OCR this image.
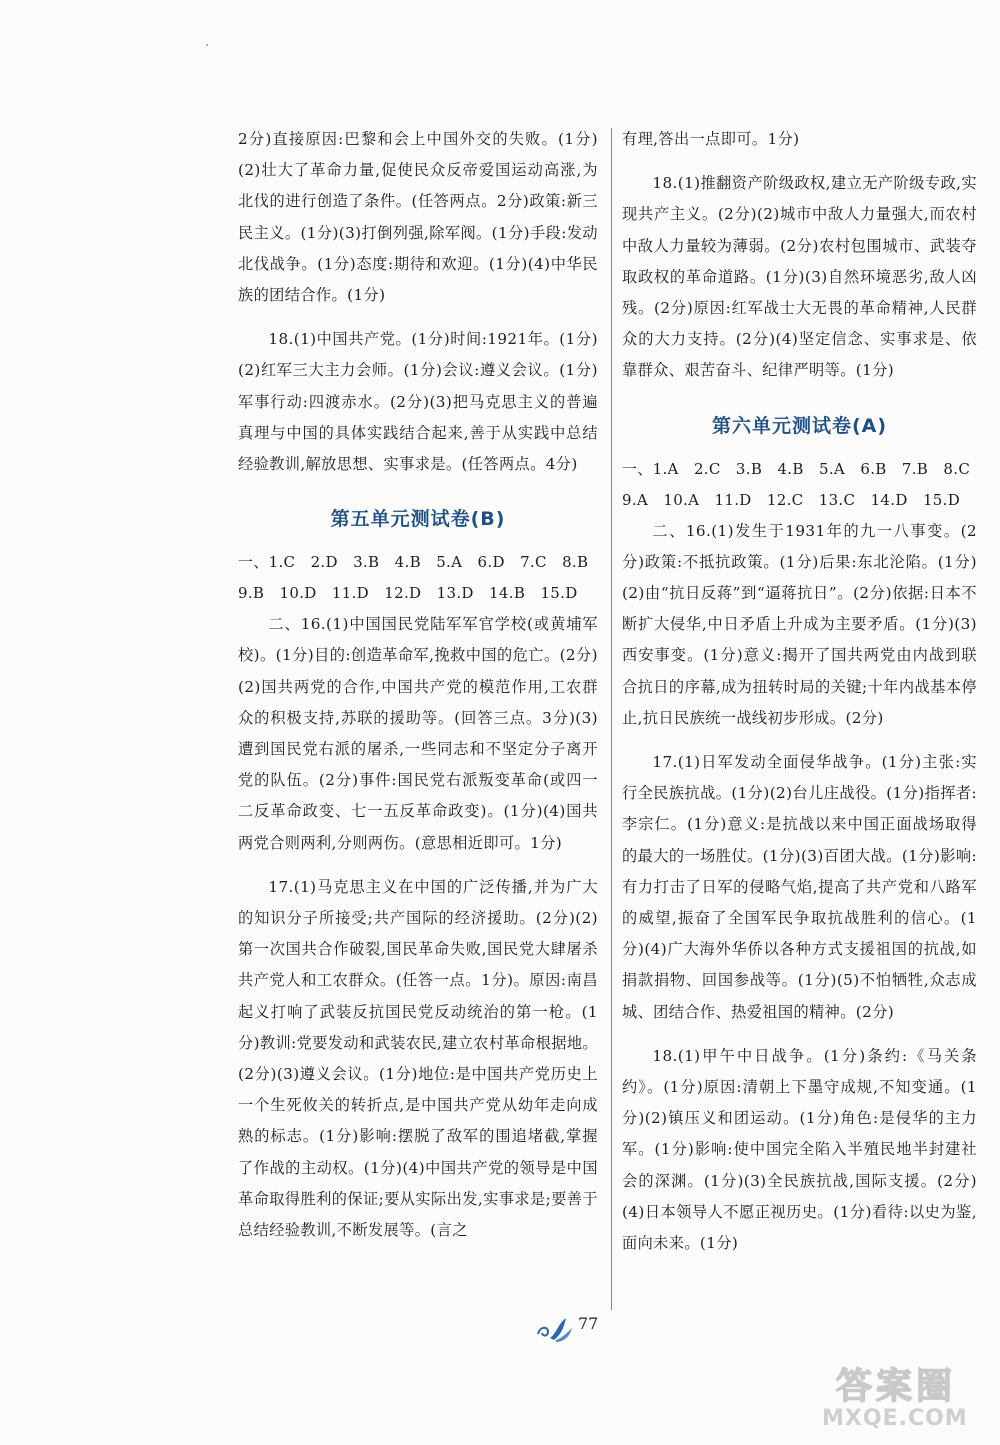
2分)直接原因:巴黎和会上中国外交的失败。(1分)(2)壮大了革命力量,促使民众反帝爱国运动高涨,为北伐的进行创造了条件。(任答两点。2分)政策:新三民主义。(1分)(3)打倒列强,除军阀。(1分)手段:发动北伐战争。(1分)态度:期待和欢迎。(1分)(4)中华民族的团结合作。(1分)

18.(1)中国共产党。(1分)时间:1921年。(1分)(2)红军三大主力会师。(1分)会议:遵义会议。(1分)军事行动:四渡赤水。(2分)(3)把马克思主义的普遍真理与中国的具体实践结合起来,善于从实践中总结经验教训,解放思想、实事求是。(任答两点。4分)

第五单元测试卷(B)

一、1.C　2.D　3.B　4.B　5.A　6.D　7.C　8.B

9.B　10.D　11.D　12.D　13.D　14.B　15.D

二、16.(1)中国国民党陆军军官学校(或黄埔军校)。(1分)目的:创造革命军,挽救中国的危亡。(2分)(2)国共两党的合作,中国共产党的模范作用,工农群众的积极支持,苏联的援助等。(回答三点。3分)(3)遭到国民党右派的屠杀,一些同志和不坚定分子离开党的队伍。(2分)事件:国民党右派叛变革命(或四一二反革命政变、七一五反革命政变)。(1分)(4)国共两党合则两利,分则两伤。(意思相近即可。1分)

17.(1)马克思主义在中国的广泛传播,并为广大的知识分子所接受;共产国际的经济援助。(2分)(2)第一次国共合作破裂,国民革命失败,国民党大肆屠杀共产党人和工农群众。(任答一点。1分)。原因:南昌起义打响了武装反抗国民党反动统治的第一枪。(1分)教训:党要发动和武装农民,建立农村革命根据地。(2分)(3)遵义会议。(1分)地位:是中国共产党历史上一个生死攸关的转折点,是中国共产党从幼年走向成熟的标志。(1分)影响:摆脱了敌军的围追堵截,掌握了作战的主动权。(1分)(4)中国共产党的领导是中国革命取得胜利的保证;要从实际出发,实事求是;要善于总结经验教训,不断发展等。(言之

有理,答出一点即可。1分)

18.(1)推翻资产阶级政权,建立无产阶级专政,实现共产主义。(2分)(2)城市中敌人力量强大,而农村中敌人力量较为薄弱。(2分)农村包围城市、武装夺取政权的革命道路。(1分)(3)自然环境恶劣,敌人凶残。(2分)原因:红军战士大无畏的革命精神,人民群众的大力支持。(2分)(4)坚定信念、实事求是、依靠群众、艰苦奋斗、纪律严明等。(1分)

第六单元测试卷(A)

一、1.A　2.C　3.B　4.B　5.A　6.B　7.B　8.C

9.A　10.A　11.D　12.C　13.C　14.D　15.D

二、16.(1)发生于1931年的九一八事变。(2分)政策:不抵抗政策。(1分)后果:东北沦陷。(1分)(2)由“抗日反蒋”到“逼蒋抗日”。(2分)依据:日本不断扩大侵华,中日矛盾上升成为主要矛盾。(1分)(3)西安事变。(1分)意义:揭开了国共两党由内战到联合抗日的序幕,成为扭转时局的关键;十年内战基本停止,抗日民族统一战线初步形成。(2分)

17.(1)日军发动全面侵华战争。(1分)主张:实行全民族抗战。(1分)(2)台儿庄战役。(1分)指挥者:李宗仁。(1分)意义:是抗战以来中国正面战场取得的最大的一场胜仗。(1分)(3)百团大战。(1分)影响:有力打击了日军的侵略气焰,提高了共产党和八路军的威望,振奋了全国军民争取抗战胜利的信心。(1分)(4)广大海外华侨以各种方式支援祖国的抗战,如捐款捐物、回国参战等。(1分)(5)不怕牺牲,众志成城、团结合作、热爱祖国的精神。(2分)

18.(1)甲午中日战争。(1分)条约:《马关条约》。(1分)原因:清朝上下墨守成规,不知变通。(1分)(2)镇压义和团运动。(1分)角色:是侵华的主力军。(1分)影响:使中国完全陷入半殖民地半封建社会的深渊。(1分)(3)全民族抗战,国际支援。(2分)(4)日本领导人不愿正视历史。(1分)看待:以史为鉴,面向未来。(1分)

77
答案圈
MXQE.COM
